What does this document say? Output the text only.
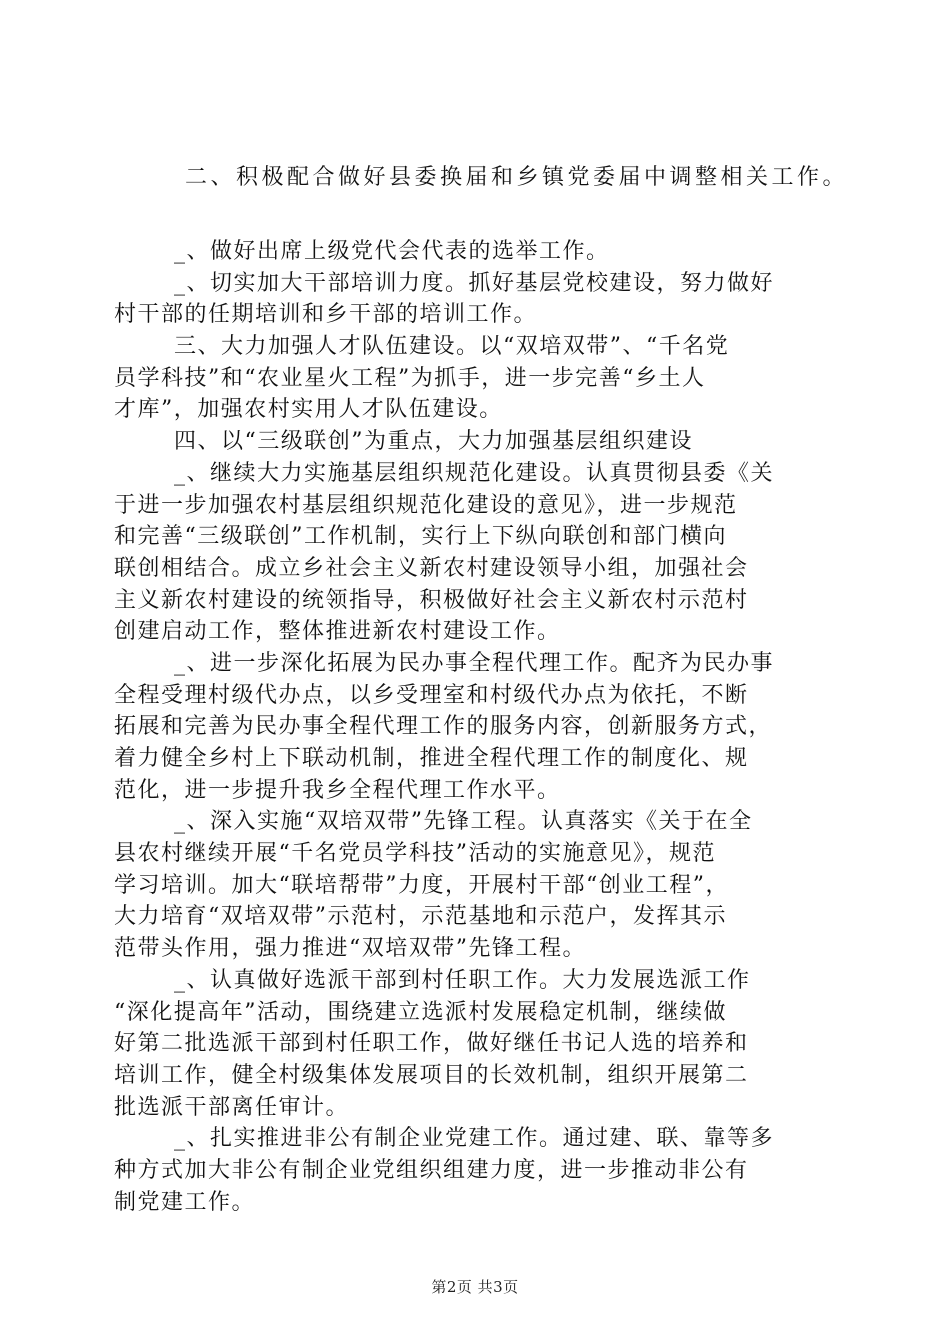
二、积极配合做好县委换届和乡镇党委届中调整相关工作。
_、做好出席上级党代会代表的选举工作。
_、切实加大干部培训力度。抓好基层党校建设，努力做好
村干部的任期培训和乡干部的培训工作。
三、大力加强人才队伍建设。以“双培双带”、“千名党
员学科技”和“农业星火工程”为抓手，进一步完善“乡土人
才库”，加强农村实用人才队伍建设。
四、以“三级联创”为重点，大力加强基层组织建设
_、继续大力实施基层组织规范化建设。认真贯彻县委《关
于进一步加强农村基层组织规范化建设的意见》，进一步规范
和完善“三级联创”工作机制，实行上下纵向联创和部门横向
联创相结合。成立乡社会主义新农村建设领导小组，加强社会
主义新农村建设的统领指导，积极做好社会主义新农村示范村
创建启动工作，整体推进新农村建设工作。
_、进一步深化拓展为民办事全程代理工作。配齐为民办事
全程受理村级代办点，以乡受理室和村级代办点为依托，不断
拓展和完善为民办事全程代理工作的服务内容，创新服务方式，
着力健全乡村上下联动机制，推进全程代理工作的制度化、规
范化，进一步提升我乡全程代理工作水平。
_、深入实施“双培双带”先锋工程。认真落实《关于在全
县农村继续开展“千名党员学科技”活动的实施意见》，规范
学习培训。加大“联培帮带”力度，开展村干部“创业工程”，
大力培育“双培双带”示范村，示范基地和示范户，发挥其示
范带头作用，强力推进“双培双带”先锋工程。
_、认真做好选派干部到村任职工作。大力发展选派工作
“深化提高年”活动，围绕建立选派村发展稳定机制，继续做
好第二批选派干部到村任职工作，做好继任书记人选的培养和
培训工作，健全村级集体发展项目的长效机制，组织开展第二
批选派干部离任审计。
_、扎实推进非公有制企业党建工作。通过建、联、靠等多
种方式加大非公有制企业党组织组建力度，进一步推动非公有
制党建工作。
第2页 共3页
